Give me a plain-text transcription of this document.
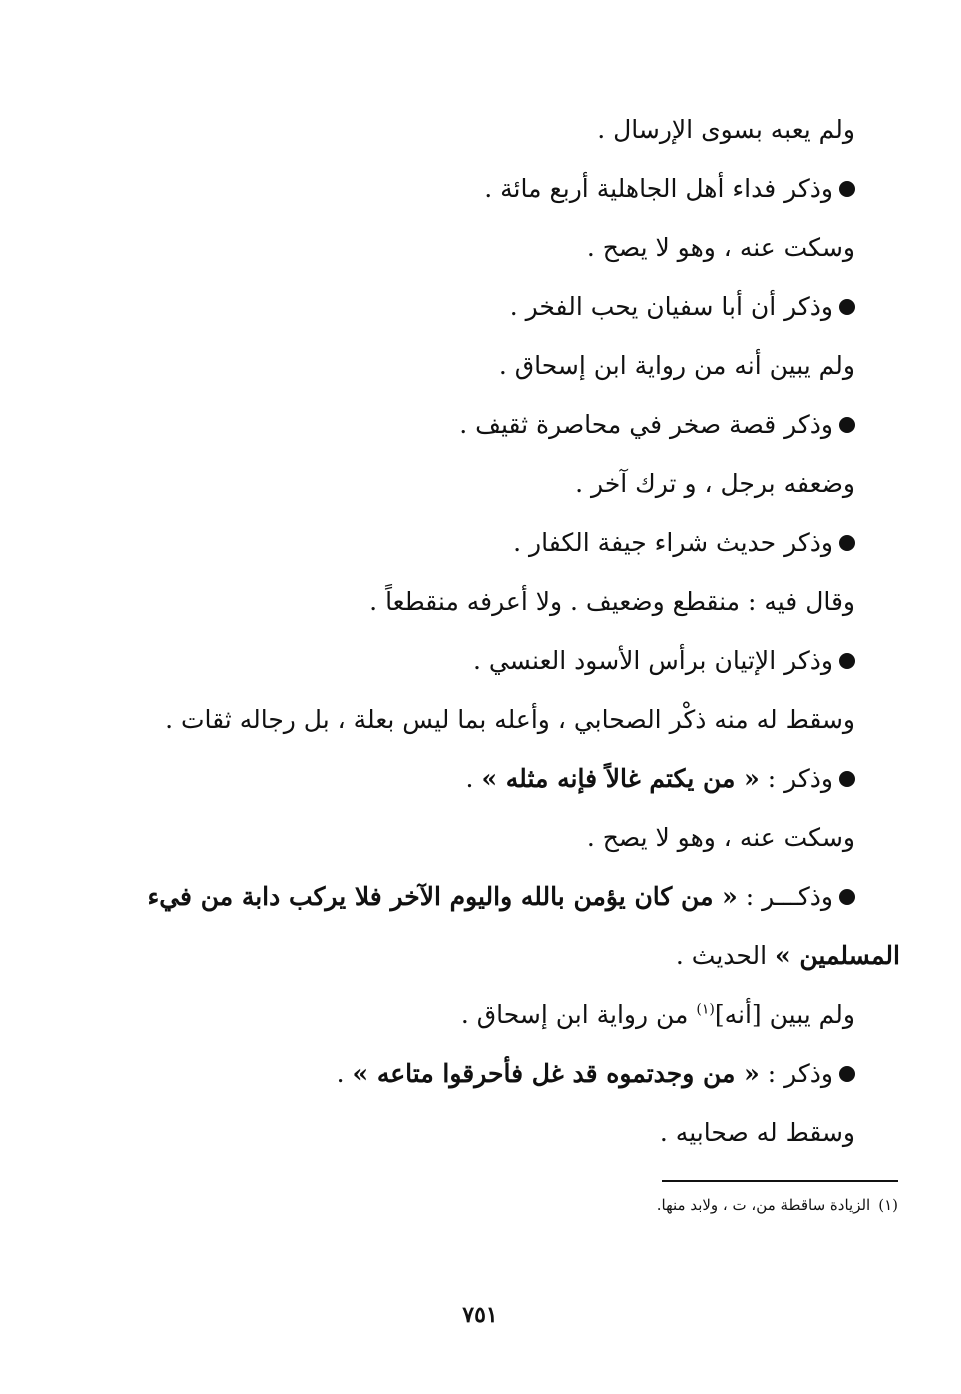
ولم يعبه بسوى الإرسال .
وذكر فداء أهل الجاهلية أربع مائة .
وسكت عنه ، وهو لا يصح .
وذكر أن أبا سفيان يحب الفخر .
ولم يبين أنه من رواية ابن إسحاق .
وذكر قصة صخر في محاصرة ثقيف .
وضعفه برجل ، و ترك آخر .
وذكر حديث شراء جيفة الكفار .
وقال فيه : منقطع وضعيف . ولا أعرفه منقطعاً .
وذكر الإتيان برأس الأسود العنسي .
وسقط له منه ذكْر الصحابي ، وأعله بما ليس بعلة ، بل رجاله ثقات .
وذكر : « من يكتم غالاً فإنه مثله » .
وسكت عنه ، وهو لا يصح .
وذكـــر : « من كان يؤمن بالله واليوم الآخر فلا يركب دابة من فيء
المسلمين » الحديث .
ولم يبين [أنه]$^{(١)}$ من رواية ابن إسحاق .
وذكر : « من وجدتموه قد غل فأحرقوا متاعه » .
وسقط له صحابيه .
(١)الزيادة ساقطة من، ت ، ولابد منها.
٧٥١
